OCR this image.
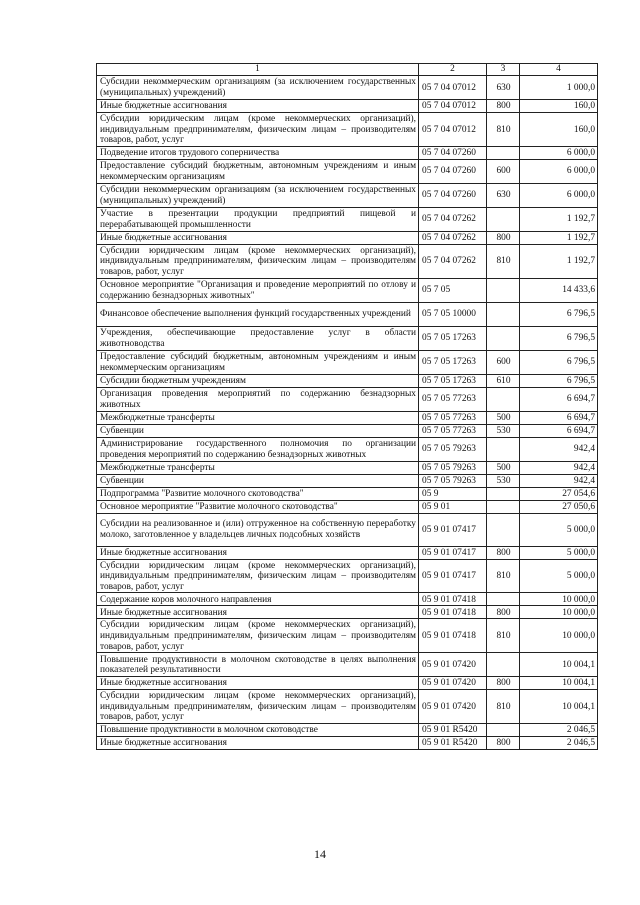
1	2	3	4
Субсидии некоммерческим организациям (за исключением государственных (муниципальных) учреждений)	05 7 04 07012	630	1 000,0
Иные бюджетные ассигнования	05 7 04 07012	800	160,0
Субсидии юридическим лицам (кроме некоммерческих организаций), индивидуальным предпринимателям, физическим лицам – производителям товаров, работ, услуг	05 7 04 07012	810	160,0
Подведение итогов трудового соперничества	05 7 04 07260		6 000,0
Предоставление субсидий бюджетным, автономным учреждениям и иным некоммерческим организациям	05 7 04 07260	600	6 000,0
Субсидии некоммерческим организациям (за исключением государственных (муниципальных) учреждений)	05 7 04 07260	630	6 000,0
Участие в презентации продукции предприятий пищевой и перерабатывающей промышленности	05 7 04 07262		1 192,7
Иные бюджетные ассигнования	05 7 04 07262	800	1 192,7
Субсидии юридическим лицам (кроме некоммерческих организаций), индивидуальным предпринимателям, физическим лицам – производителям товаров, работ, услуг	05 7 04 07262	810	1 192,7
Основное мероприятие "Организация и проведение мероприятий по отлову и содержанию безнадзорных животных"	05 7 05		14 433,6
Финансовое обеспечение выполнения функций государственных учреждений	05 7 05 10000		6 796,5
Учреждения, обеспечивающие предоставление услуг в области животноводства	05 7 05 17263		6 796,5
Предоставление субсидий бюджетным, автономным учреждениям и иным некоммерческим организациям	05 7 05 17263	600	6 796,5
Субсидии бюджетным учреждениям	05 7 05 17263	610	6 796,5
Организация проведения мероприятий по содержанию безнадзорных животных	05 7 05 77263		6 694,7
Межбюджетные трансферты	05 7 05 77263	500	6 694,7
Субвенции	05 7 05 77263	530	6 694,7
Администрирование государственного полномочия по организации проведения мероприятий по содержанию безнадзорных животных	05 7 05 79263		942,4
Межбюджетные трансферты	05 7 05 79263	500	942,4
Субвенции	05 7 05 79263	530	942,4
Подпрограмма "Развитие молочного скотоводства"	05 9		27 054,6
Основное мероприятие "Развитие молочного скотоводства"	05 9 01		27 050,6
Субсидии на реализованное и (или) отгруженное на собственную переработку молоко, заготовленное у владельцев личных подсобных хозяйств	05 9 01 07417		5 000,0
Иные бюджетные ассигнования	05 9 01 07417	800	5 000,0
Субсидии юридическим лицам (кроме некоммерческих организаций), индивидуальным предпринимателям, физическим лицам – производителям товаров, работ, услуг	05 9 01 07417	810	5 000,0
Содержание коров молочного направления	05 9 01 07418		10 000,0
Иные бюджетные ассигнования	05 9 01 07418	800	10 000,0
Субсидии юридическим лицам (кроме некоммерческих организаций), индивидуальным предпринимателям, физическим лицам – производителям товаров, работ, услуг	05 9 01 07418	810	10 000,0
Повышение продуктивности в молочном скотоводстве в целях выполнения показателей результативности	05 9 01 07420		10 004,1
Иные бюджетные ассигнования	05 9 01 07420	800	10 004,1
Субсидии юридическим лицам (кроме некоммерческих организаций), индивидуальным предпринимателям, физическим лицам – производителям товаров, работ, услуг	05 9 01 07420	810	10 004,1
Повышение продуктивности в молочном скотоводстве	05 9 01 R5420		2 046,5
Иные бюджетные ассигнования	05 9 01 R5420	800	2 046,5
14
